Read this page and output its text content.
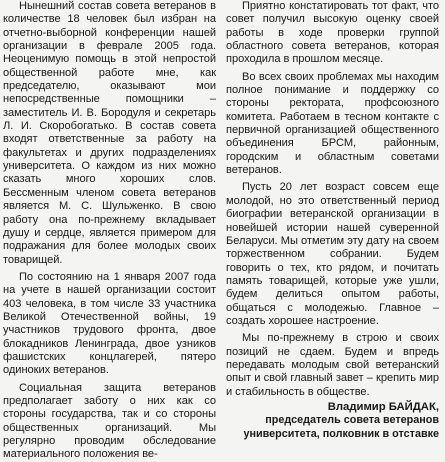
Нынешний состав совета ветеранов в количестве 18 человек был избран на отчетно-выборной конференции нашей организации в феврале 2005 года. Неоценимую помощь в этой непростой общественной работе мне, как председателю, оказывают мои непосредственные помощники – заместитель И. В. Бородуля и секретарь Л. И. Скоробогатько. В состав совета входят ответственные за работу на факультетах и других подразделениях университета. О каждом из них можно сказать много хороших слов. Бессменным членом совета ветеранов является М. С. Шульженко. В свою работу она по-прежнему вкладывает душу и сердце, является примером для подражания для более молодых своих товарищей.

По состоянию на 1 января 2007 года на учете в нашей организации состоит 403 человека, в том числе 33 участника Великой Отечественной войны, 19 участников трудового фронта, двое блокадников Ленинграда, двое узников фашистских концлагерей, пятеро одиноких ветеранов.

Социальная защита ветеранов предполагает заботу о них как со стороны государства, так и со стороны общественных организаций. Мы регулярно проводим обследование материального положения ве-

Приятно констатировать тот факт, что совет получил высокую оценку своей работы в ходе проверки группой областного совета ветеранов, которая проходила в прошлом месяце.

Во всех своих проблемах мы находим полное понимание и поддержку со стороны ректората, профсоюзного комитета. Работаем в тесном контакте с первичной организацией общественного объединения БРСМ, районным, городским и областным советами ветеранов.

Пусть 20 лет возраст совсем еще молодой, но это ответственный период биографии ветеранской организации в новейшей истории нашей суверенной Беларуси. Мы отметим эту дату на своем торжественном собрании. Будем говорить о тех, кто рядом, и почитать память товарищей, которые уже ушли, будем делиться опытом работы, общаться с молодежью. Главное – создать хорошее настроение.

Мы по-прежнему в строю и своих позиций не сдаем. Будем и впредь передавать молодым свой ветеранский опыт и свой главный завет – крепить мир и стабильность в обществе.

Владимир БАЙДАК,
председатель совета ветеранов университета, полковник в отставке
